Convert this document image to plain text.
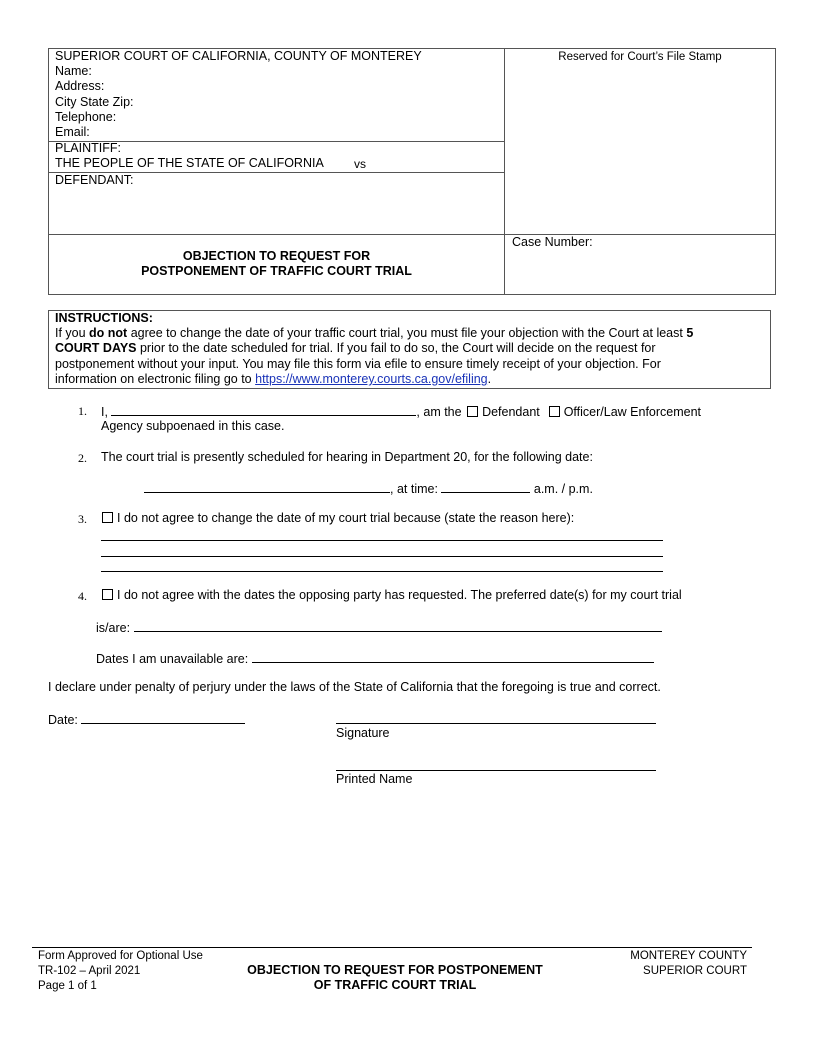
SUPERIOR COURT OF CALIFORNIA, COUNTY OF MONTEREY
Name:
Address:
City State Zip:
Telephone:
Email:
PLAINTIFF:
THE PEOPLE OF THE STATE OF CALIFORNIA	vs
DEFENDANT:
Reserved for Court’s File Stamp
OBJECTION TO REQUEST FOR
POSTPONEMENT OF TRAFFIC COURT TRIAL
Case Number:
INSTRUCTIONS:
If you do not agree to change the date of your traffic court trial, you must file your objection with the Court at least 5
COURT DAYS prior to the date scheduled for trial. If you fail to do so, the Court will decide on the request for
postponement without your input. You may file this form via efile to ensure timely receipt of your objection. For
information on electronic filing go to https://www.monterey.courts.ca.gov/efiling.
1. I,	, am the Defendant Officer/Law Enforcement
Agency subpoenaed in this case.
2. The court trial is presently scheduled for hearing in Department 20, for the following date:
, at time:	a.m. / p.m.
3.	I do not agree to change the date of my court trial because (state the reason here):
4.	I do not agree with the dates the opposing party has requested. The preferred date(s) for my court trial
is/are:
Dates I am unavailable are:
I declare under penalty of perjury under the laws of the State of California that the foregoing is true and correct.
Date:
Signature
Printed Name
Form Approved for Optional Use
TR-102 – April 2021
Page 1 of 1
OBJECTION TO REQUEST FOR POSTPONEMENT
OF TRAFFIC COURT TRIAL
MONTEREY COUNTY
SUPERIOR COURT
